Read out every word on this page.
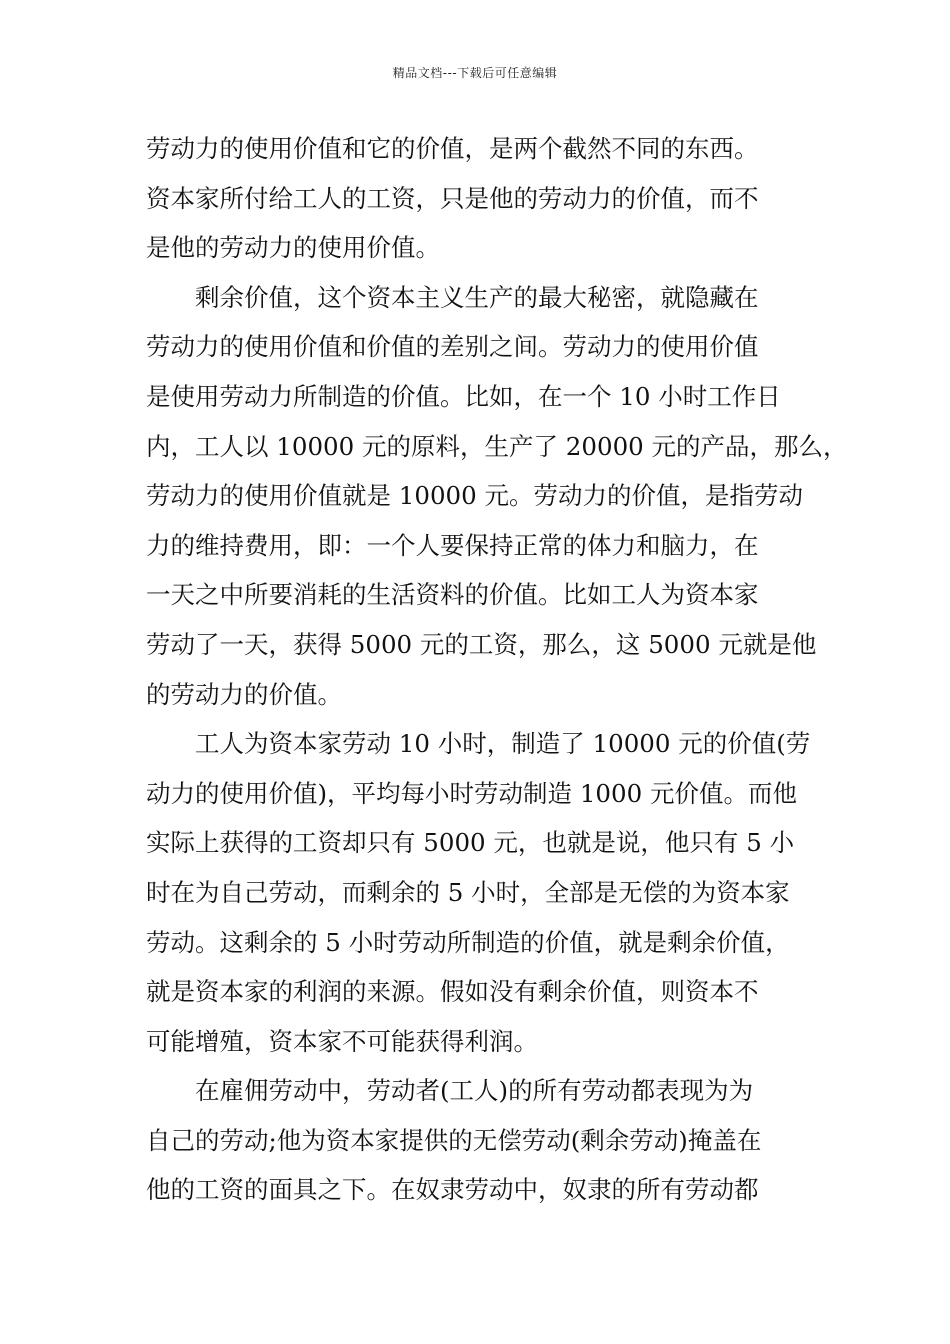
精品文档---下载后可任意编辑
劳动力的使用价值和它的价值，是两个截然不同的东西。
资本家所付给工人的工资，只是他的劳动力的价值，而不
是他的劳动力的使用价值。
剩余价值，这个资本主义生产的最大秘密，就隐藏在
劳动力的使用价值和价值的差别之间。劳动力的使用价值
是使用劳动力所制造的价值。比如，在一个 10 小时工作日
内，工人以 10000 元的原料，生产了 20000 元的产品，那么，
劳动力的使用价值就是 10000 元。劳动力的价值，是指劳动
力的维持费用，即：一个人要保持正常的体力和脑力，在
一天之中所要消耗的生活资料的价值。比如工人为资本家
劳动了一天，获得 5000 元的工资，那么，这 5000 元就是他
的劳动力的价值。
工人为资本家劳动 10 小时，制造了 10000 元的价值(劳
动力的使用价值)，平均每小时劳动制造 1000 元价值。而他
实际上获得的工资却只有 5000 元，也就是说，他只有 5 小
时在为自己劳动，而剩余的 5 小时，全部是无偿的为资本家
劳动。这剩余的 5 小时劳动所制造的价值，就是剩余价值，
就是资本家的利润的来源。假如没有剩余价值，则资本不
可能增殖，资本家不可能获得利润。
在雇佣劳动中，劳动者(工人)的所有劳动都表现为为
自己的劳动;他为资本家提供的无偿劳动(剩余劳动)掩盖在
他的工资的面具之下。在奴隶劳动中，奴隶的所有劳动都
